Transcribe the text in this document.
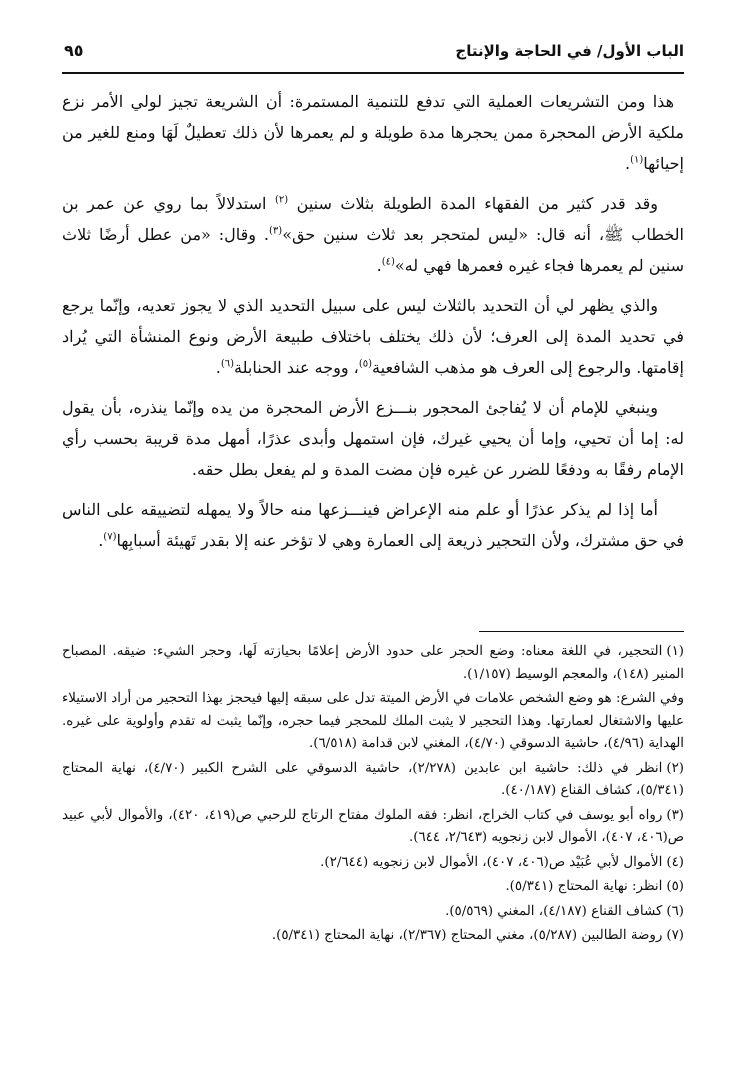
الباب الأول/ في الحاجة والإنتاج
٩٥

هذا ومن التشريعات العملية التي تدفع للتنمية المستمرة: أن الشريعة تجيز لولي الأمر نزع ملكية الأرض المحجرة ممن يحجرها مدة طويلة و لم يعمرها لأن ذلك تعطيلٌ لَهَا ومنع للغير من إحيائها$^{(١)}$.

وقد قدر كثير من الفقهاء المدة الطويلة بثلاث سنين $^{(٢)}$ استدلالاً بما روي عن عمر بن الخطاب ﷺ، أنه قال: «ليس لمتحجر بعد ثلاث سنين حق»$^{(٣)}$. وقال: «من عطل أرضًا ثلاث سنين لم يعمرها فجاء غيره فعمرها فهي له»$^{(٤)}$.

والذي يظهر لي أن التحديد بالثلاث ليس على سبيل التحديد الذي لا يجوز تعديه، وإنّما يرجع في تحديد المدة إلى العرف؛ لأن ذلك يختلف باختلاف طبيعة الأرض ونوع المنشأة التي يُراد إقامتها. والرجوع إلى العرف هو مذهب الشافعية$^{(٥)}$، ووجه عند الحنابلة$^{(٦)}$.

وينبغي للإمام أن لا يُفاجئ المحجور بنـــزع الأرض المحجرة من يده وإنّما ينذره، بأن يقول له: إما أن تحيي، وإما أن يحيي غيرك، فإن استمهل وأبدى عذرًا، أمهل مدة قريبة بحسب رأي الإمام رفقًا به ودفعًا للضرر عن غيره فإن مضت المدة و لم يفعل بطل حقه.

أما إذا لم يذكر عذرًا أو علم منه الإعراض فينـــزعها منه حالاً ولا يمهله لتضييقه على الناس في حق مشترك، ولأن التحجير ذريعة إلى العمارة وهي لا تؤخر عنه إلا بقدر تَهيئة أسبابِها$^{(٧)}$.

(١)التحجير، في اللغة معناه: وضع الحجر على حدود الأرض إعلامًا بحيازته لَها، وحجر الشيء: ضيقه. المصباح المنير (١٤٨)، والمعجم الوسيط (١/١٥٧).
وفي الشرع: هو وضع الشخص علامات في الأرض الميتة تدل على سبقه إليها فيحجز بهذا التحجير من أراد الاستيلاء عليها والاشتغال لعمارتها. وهذا التحجير لا يثبت الملك للمحجر فيما حجره، وإنّما يثبت له تقدم وأولوية على غيره. الهداية (٤/٩٦)، حاشية الدسوقي (٤/٧٠)، المغني لابن قدامة (٦/٥١٨).
(٢)انظر في ذلك: حاشية ابن عابدين (٢/٢٧٨)، حاشية الدسوقي على الشرح الكبير (٤/٧٠)، نهاية المحتاج (٥/٣٤١)، كشاف القناع (٤٠/١٨٧).
(٣)رواه أبو يوسف في كتاب الخراج، انظر: فقه الملوك مفتاح الرتاج للرحبي ص(٤١٩، ٤٢٠)، والأموال لأبي عبيد ص(٤٠٦، ٤٠٧)، الأموال لابن زنجويه (٢/٦٤٣، ٦٤٤).
(٤)الأموال لأبي عُبَيْد ص(٤٠٦، ٤٠٧)، الأموال لابن زنجويه (٢/٦٤٤).
(٥)انظر: نهاية المحتاج (٥/٣٤١).
(٦)كشاف القناع (٤/١٨٧)، المغني (٥/٥٦٩).
(٧)روضة الطالبين (٥/٢٨٧)، مغني المحتاج (٢/٣٦٧)، نهاية المحتاج (٥/٣٤١).
